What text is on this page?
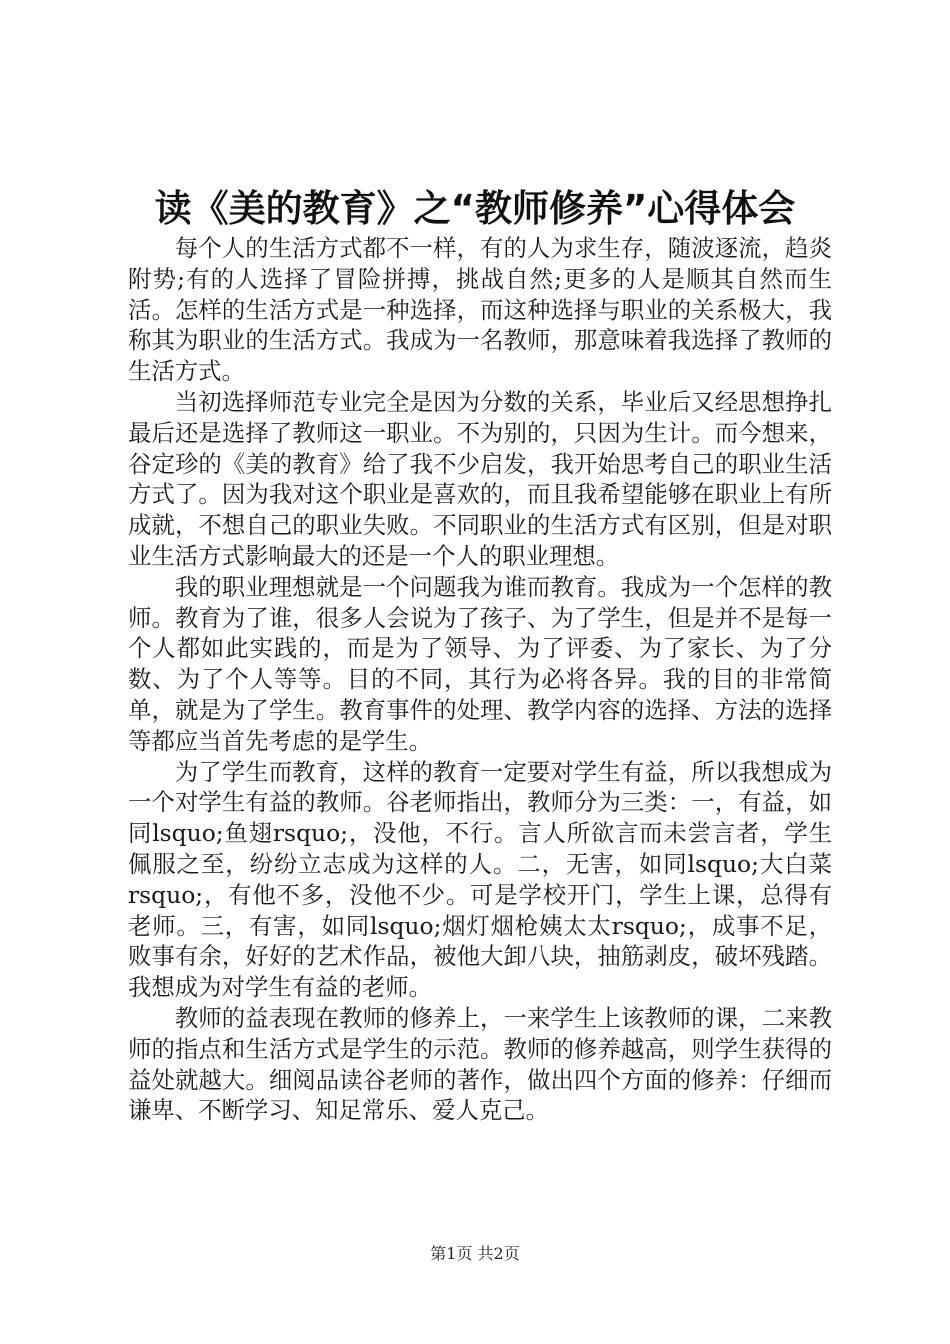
读《美的教育》之“教师修养”心得体会

每个人的生活方式都不一样，有的人为求生存，随波逐流，趋炎附势;有的人选择了冒险拼搏，挑战自然;更多的人是顺其自然而生活。怎样的生活方式是一种选择，而这种选择与职业的关系极大，我称其为职业的生活方式。我成为一名教师，那意味着我选择了教师的生活方式。

当初选择师范专业完全是因为分数的关系，毕业后又经思想挣扎最后还是选择了教师这一职业。不为别的，只因为生计。而今想来，谷定珍的《美的教育》给了我不少启发，我开始思考自己的职业生活方式了。因为我对这个职业是喜欢的，而且我希望能够在职业上有所成就，不想自己的职业失败。不同职业的生活方式有区别，但是对职业生活方式影响最大的还是一个人的职业理想。

我的职业理想就是一个问题我为谁而教育。我成为一个怎样的教师。教育为了谁，很多人会说为了孩子、为了学生，但是并不是每一个人都如此实践的，而是为了领导、为了评委、为了家长、为了分数、为了个人等等。目的不同，其行为必将各异。我的目的非常简单，就是为了学生。教育事件的处理、教学内容的选择、方法的选择等都应当首先考虑的是学生。

为了学生而教育，这样的教育一定要对学生有益，所以我想成为一个对学生有益的教师。谷老师指出，教师分为三类：一，有益，如同lsquo;鱼翅rsquo;，没他，不行。言人所欲言而未尝言者，学生佩服之至，纷纷立志成为这样的人。二，无害，如同lsquo;大白菜rsquo;，有他不多，没他不少。可是学校开门，学生上课，总得有老师。三，有害，如同lsquo;烟灯烟枪姨太太rsquo;，成事不足，败事有余，好好的艺术作品，被他大卸八块，抽筋剥皮，破坏残踏。我想成为对学生有益的老师。

教师的益表现在教师的修养上，一来学生上该教师的课，二来教师的指点和生活方式是学生的示范。教师的修养越高，则学生获得的益处就越大。细阅品读谷老师的著作，做出四个方面的修养：仔细而谦卑、不断学习、知足常乐、爱人克己。

第1页 共2页
